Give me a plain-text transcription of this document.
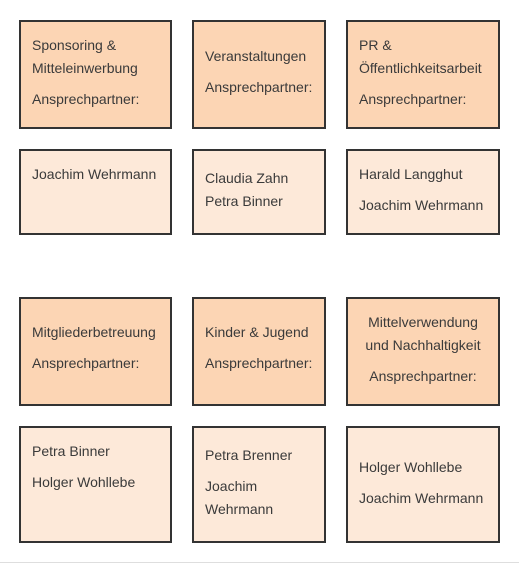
Sponsoring &

Mitteleinwerbung

Ansprechpartner:

Veranstaltungen

Ansprechpartner:

PR &

Öffentlichkeitsarbeit

Ansprechpartner:

Joachim Wehrmann	Claudia Zahn

Petra Binner

Harald Langghut

Joachim Wehrmann

Mitgliederbetreuung

Ansprechpartner:

Kinder & Jugend

Ansprechpartner:

Mittelverwendung

und Nachhaltigkeit

Ansprechpartner:

Petra Binner

Holger Wohllebe

Petra Brenner

Joachim

Wehrmann

Holger Wohllebe

Joachim Wehrmann
